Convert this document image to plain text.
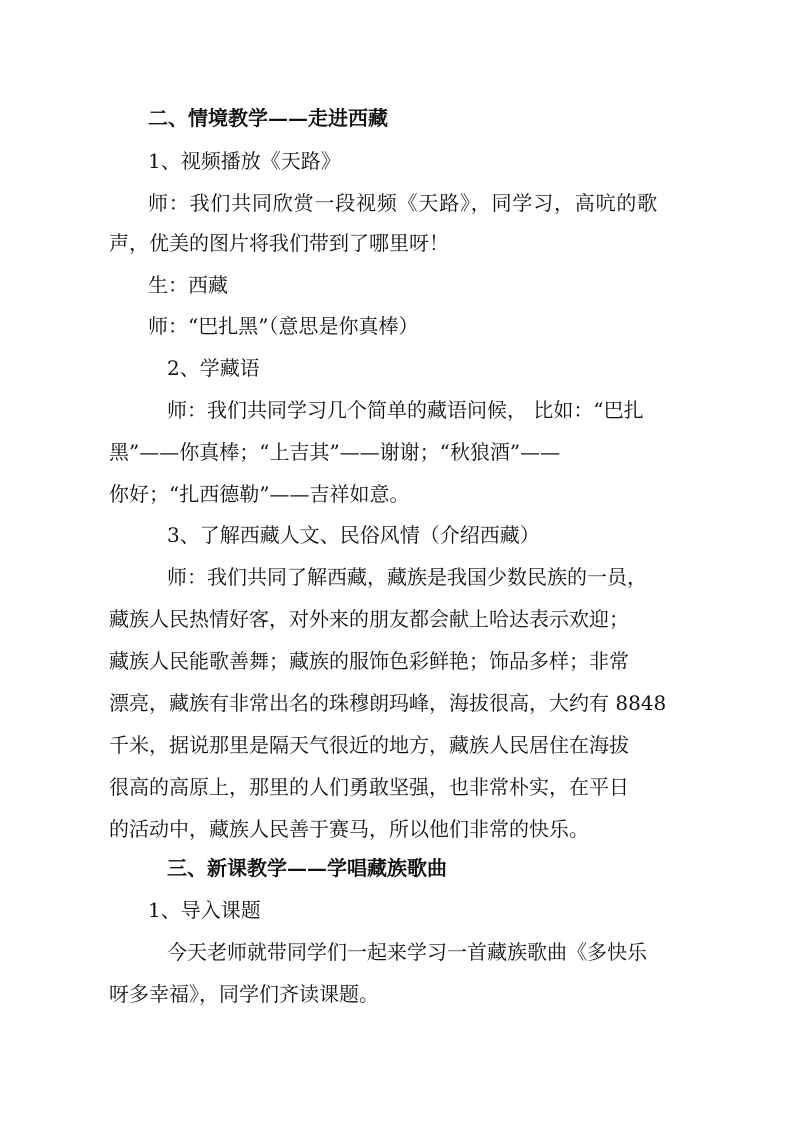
二、情境教学——走进西藏
1、视频播放《天路》
师：我们共同欣赏一段视频《天路》，同学习，高吭的歌
声，优美的图片将我们带到了哪里呀！
生：西藏
师：“巴扎黑”（意思是你真棒）
2、学藏语
师：我们共同学习几个简单的藏语问候， 比如：“巴扎
黑”——你真棒；“上吉其”——谢谢；“秋狼酒”——
你好；“扎西德勒”——吉祥如意。
3、了解西藏人文、民俗风情（介绍西藏）
师：我们共同了解西藏，藏族是我国少数民族的一员，
藏族人民热情好客，对外来的朋友都会献上哈达表示欢迎；
藏族人民能歌善舞；藏族的服饰色彩鲜艳；饰品多样；非常
漂亮，藏族有非常出名的珠穆朗玛峰，海拔很高，大约有 8848
千米，据说那里是隔天气很近的地方，藏族人民居住在海拔
很高的高原上，那里的人们勇敢坚强，也非常朴实，在平日
的活动中，藏族人民善于赛马，所以他们非常的快乐。
三、新课教学——学唱藏族歌曲
1、导入课题
今天老师就带同学们一起来学习一首藏族歌曲《多快乐
呀多幸福》，同学们齐读课题。
